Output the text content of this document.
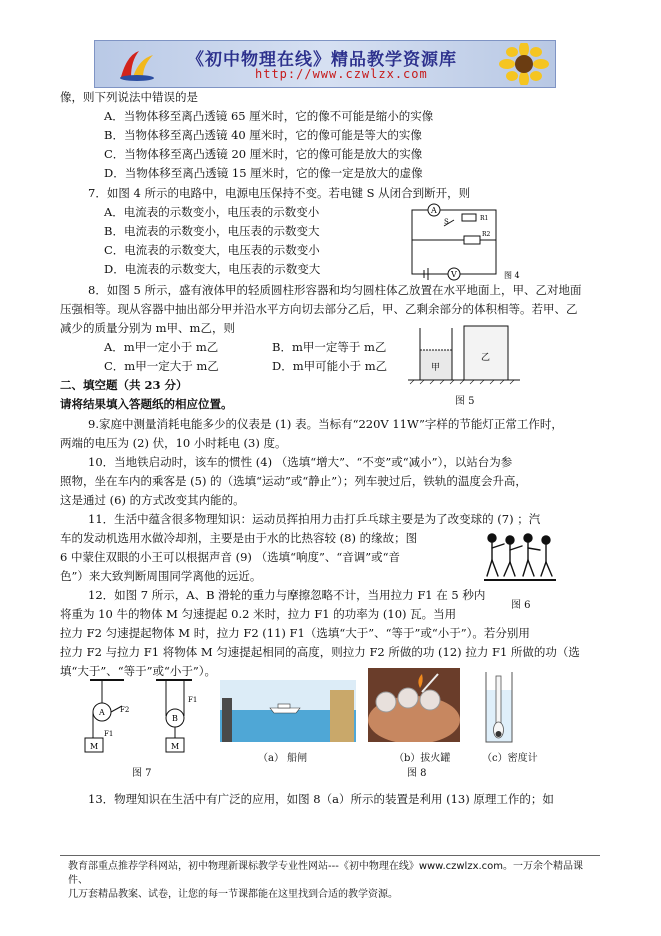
《初中物理在线》精品教学资源库
http://www.czwlzx.com
像，则下列说法中错误的是
A．当物体移至离凸透镜 65 厘米时，它的像不可能是缩小的实像
B．当物体移至离凸透镜 40 厘米时，它的像可能是等大的实像
C．当物体移至离凸透镜 20 厘米时，它的像可能是放大的实像
D．当物体移至离凸透镜 15 厘米时，它的像一定是放大的虚像
7．如图 4 所示的电路中，电源电压保持不变。若电键 S 从闭合到断开，则
A．电流表的示数变小，电压表的示数变小
B．电流表的示数变小，电压表的示数变大
C．电流表的示数变大，电压表的示数变小
D．电流表的示数变大，电压表的示数变大
A
V
S	R1
R2
图 4
8．如图 5 所示，盛有液体甲的轻质圆柱形容器和均匀圆柱体乙放置在水平地面上，甲、乙对地面
压强相等。现从容器中抽出部分甲并沿水平方向切去部分乙后，甲、乙剩余部分的体积相等。若甲、乙
减少的质量分别为 m甲、m乙，则
A．m甲一定小于 m乙	B．m甲一定等于 m乙
C．m甲一定大于 m乙	D．m甲可能小于 m乙	甲
乙
图 5
二、填空题（共 23 分）
请将结果填入答题纸的相应位置。
9.家庭中测量消耗电能多少的仪表是 (1) 表。当标有“220V 11W”字样的节能灯正常工作时，
两端的电压为 (2) 伏，10 小时耗电 (3) 度。
10．当地铁启动时，该车的惯性 (4) （选填“增大”、“不变”或“减小”），以站台为参
照物，坐在车内的乘客是 (5) 的（选填“运动”或“静止”）；列车驶过后，铁轨的温度会升高，
这是通过 (6) 的方式改变其内能的。
11．生活中蕴含很多物理知识：运动员挥拍用力击打乒乓球主要是为了改变球的 (7) ；汽
车的发动机选用水做冷却剂，主要是由于水的比热容较 (8) 的缘故；图
6 中蒙住双眼的小王可以根据声音 (9) （选填“响度”、“音调”或“音
色”）来大致判断周围同学离他的远近。
图 6
12．如图 7 所示，A、B 滑轮的重力与摩擦忽略不计，当用拉力 F1 在 5 秒内
将重为 10 牛的物体 M 匀速提起 0.2 米时，拉力 F1 的功率为 (10) 瓦。当用
拉力 F2 匀速提起物体 M 时，拉力 F2 (11) F1（选填“大于”、“等于”或“小于”）。若分别用
拉力 F2 与拉力 F1 将物体 M 匀速提起相同的高度，则拉力 F2 所做的功 (12) 拉力 F1 所做的功（选
填“大于”、“等于”或“小于”）。
A
B
F2
F1
F1
M	M
图 7
（a） 船闸	（b）拔火罐	（c）密度计
图 8
13．物理知识在生活中有广泛的应用，如图 8（a）所示的装置是利用 (13) 原理工作的；如
教育部重点推荐学科网站，初中物理新课标教学专业性网站---《初中物理在线》www.czwlzx.com。一万余个精品课件、
几万套精品教案、试卷，让您的每一节课都能在这里找到合适的教学资源。
